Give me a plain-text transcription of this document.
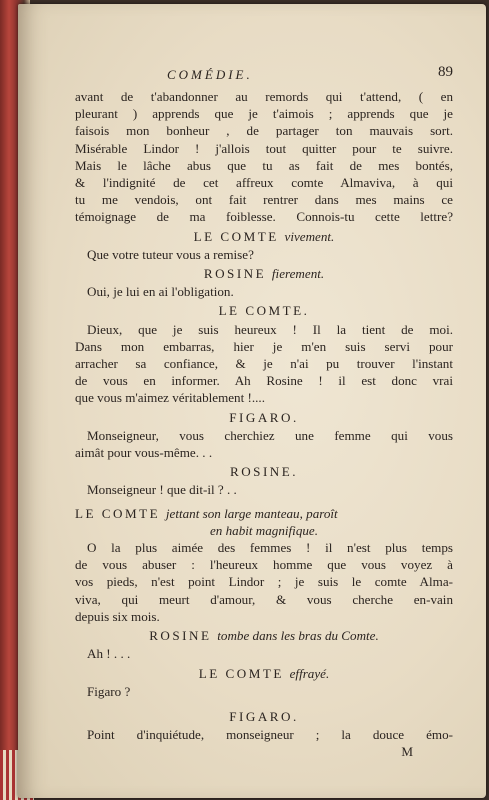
COMÉDIE.	89
avant de t'abandonner au remords qui t'attend, ( en
pleurant ) apprends que je t'aimois ; apprends que je
faisois mon bonheur , de partager ton mauvais sort.
Misérable Lindor ! j'allois tout quitter pour te suivre.
Mais le lâche abus que tu as fait de mes bontés,
& l'indignité de cet affreux comte Almaviva, à qui
tu me vendois, ont fait rentrer dans mes mains ce
témoignage de ma foiblesse. Connois-tu cette lettre?
LE COMTE vivement.
Que votre tuteur vous a remise?
ROSINE fierement.
Oui, je lui en ai l'obligation.
LE COMTE.
Dieux, que je suis heureux ! Il la tient de moi.
Dans mon embarras, hier je m'en suis servi pour
arracher sa confiance, & je n'ai pu trouver l'instant
de vous en informer. Ah Rosine ! il est donc vrai
que vous m'aimez véritablement !....
FIGARO.
Monseigneur, vous cherchiez une femme qui vous
aimât pour vous-même. . .
ROSINE.
Monseigneur ! que dit-il ? . .
LE COMTE jettant son large manteau, paroît
en habit magnifique.
O la plus aimée des femmes ! il n'est plus temps
de vous abuser : l'heureux homme que vous voyez à
vos pieds, n'est point Lindor ; je suis le comte Alma-
viva, qui meurt d'amour, & vous cherche en-vain
depuis six mois.
ROSINE tombe dans les bras du Comte.
Ah ! . . .
LE COMTE effrayé.
Figaro ?
FIGARO.
Point d'inquiétude, monseigneur ; la douce émo-
M
